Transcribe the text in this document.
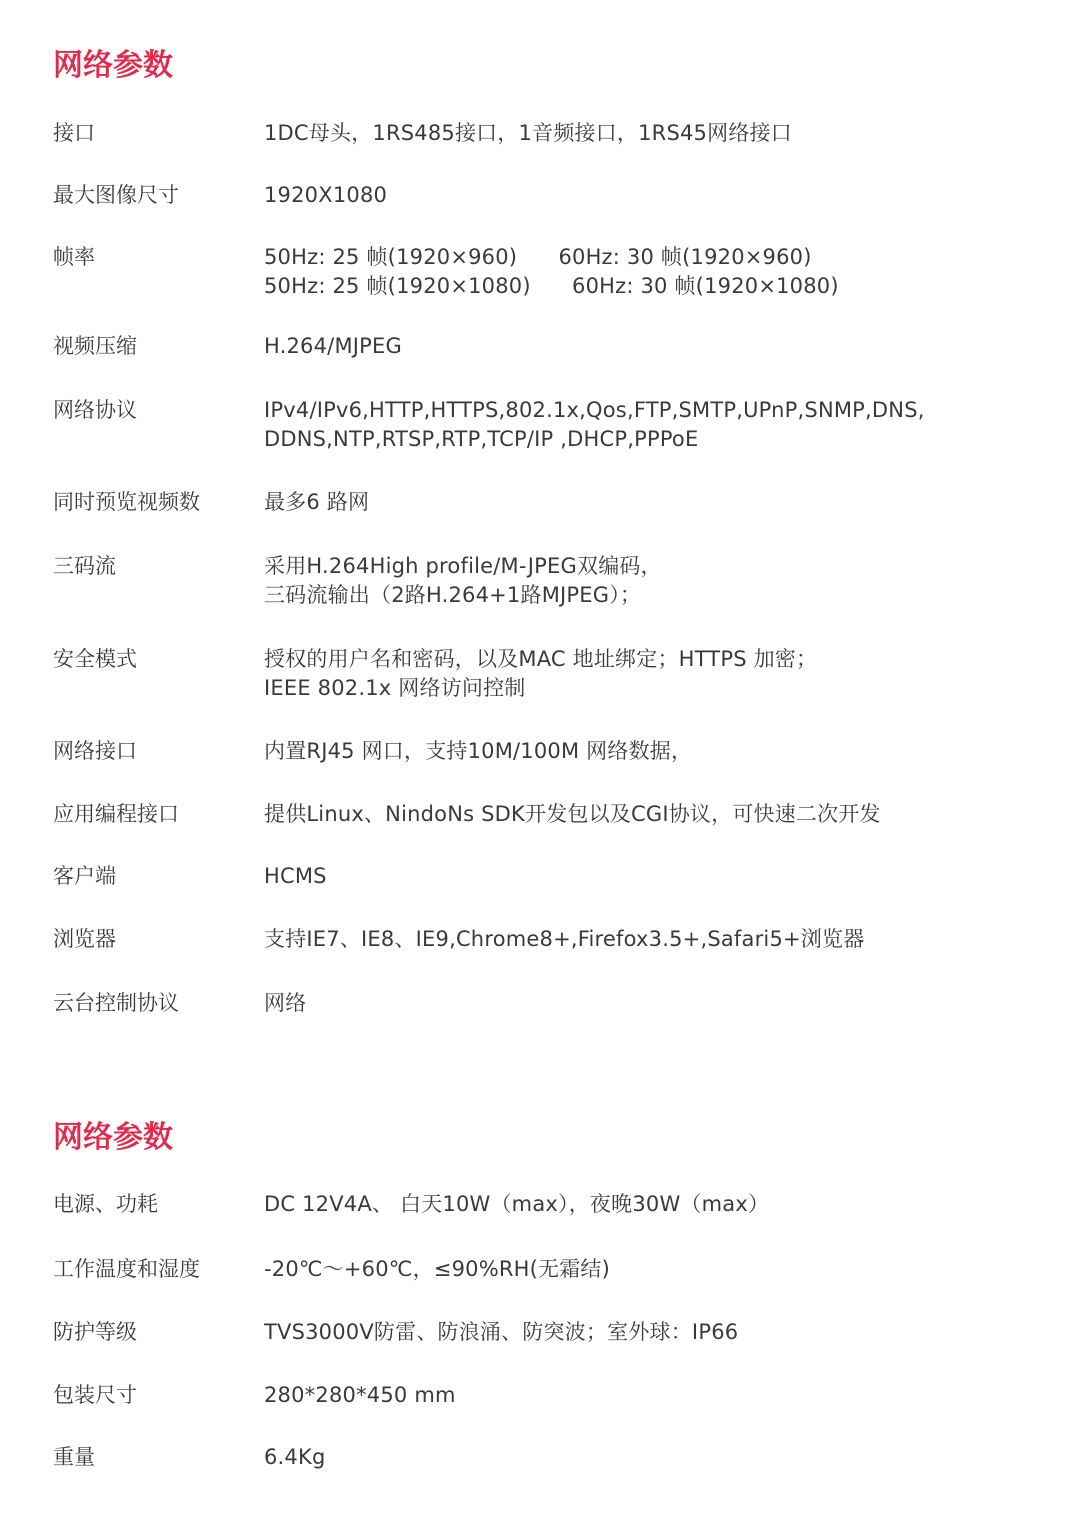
网络参数
接口	1DC母头，1RS485接口，1音频接口，1RS45网络接口
最大图像尺寸	1920X1080
帧率	50Hz: 25 帧(1920×960)      60Hz: 30 帧(1920×960)
50Hz: 25 帧(1920×1080)      60Hz: 30 帧(1920×1080)
视频压缩	H.264/MJPEG
网络协议	IPv4/IPv6,HTTP,HTTPS,802.1x,Qos,FTP,SMTP,UPnP,SNMP,DNS,
DDNS,NTP,RTSP,RTP,TCP/IP ,DHCP,PPPoE
同时预览视频数	最多6 路网
三码流	采用H.264High profile/M-JPEG双编码，
三码流输出（2路H.264+1路MJPEG）；
安全模式	授权的用户名和密码，以及MAC 地址绑定；HTTPS 加密；
IEEE 802.1x 网络访问控制
网络接口	内置RJ45 网口，支持10M/100M 网络数据，
应用编程接口	提供Linux、NindoNs SDK开发包以及CGI协议，可快速二次开发
客户端	HCMS
浏览器	支持IE7、IE8、IE9,Chrome8+,Firefox3.5+,Safari5+浏览器
云台控制协议	网络
网络参数
电源、功耗	DC 12V4A、 白天10W（max），夜晚30W（max）
工作温度和湿度	-20℃～+60℃，≤90%RH(无霜结)
防护等级	TVS3000V防雷、防浪涌、防突波；室外球：IP66
包装尺寸	280*280*450 mm
重量	6.4Kg
